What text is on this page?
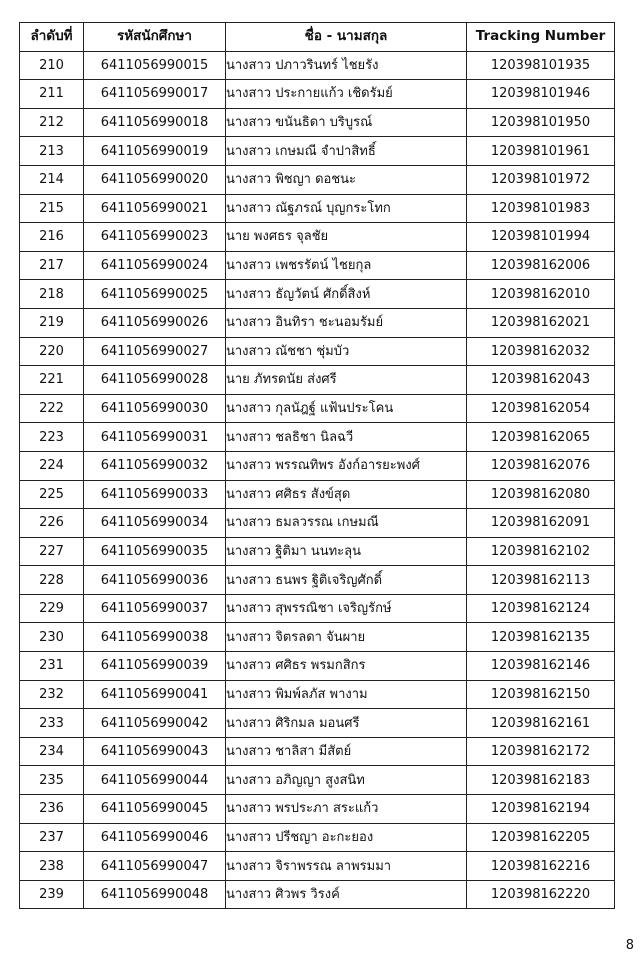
ลำดับที่	รหัสนักศึกษา	ชื่อ - นามสกุล	Tracking Number
210	6411056990015	นางสาว ปภาวรินทร์ ไชยรัง	120398101935
211	6411056990017	นางสาว ประกายแก้ว เชิดรัมย์	120398101946
212	6411056990018	นางสาว ขนันธิดา บริบูรณ์	120398101950
213	6411056990019	นางสาว เกษมณี จำปาสิทธิ์	120398101961
214	6411056990020	นางสาว พิชญา ดอชนะ	120398101972
215	6411056990021	นางสาว ณัฐภรณ์ บุญกระโทก	120398101983
216	6411056990023	นาย พงศธร จุลชัย	120398101994
217	6411056990024	นางสาว เพชรรัตน์ ไชยกุล	120398162006
218	6411056990025	นางสาว ธัญวัตน์ ศักดิ์สิงห์	120398162010
219	6411056990026	นางสาว อินทิรา ชะนอมรัมย์	120398162021
220	6411056990027	นางสาว ณัชชา ชุ่มบัว	120398162032
221	6411056990028	นาย ภัทรดนัย ส่งศรี	120398162043
222	6411056990030	นางสาว กุลนัฎฐ์ แฟ้นประโคน	120398162054
223	6411056990031	นางสาว ชลธิชา นิลฉวี	120398162065
224	6411056990032	นางสาว พรรณทิพร อังก์อารยะพงศ์	120398162076
225	6411056990033	นางสาว ศศิธร สังข์สุด	120398162080
226	6411056990034	นางสาว ธมลวรรณ เกษมณี	120398162091
227	6411056990035	นางสาว ฐิติมา นนทะลุน	120398162102
228	6411056990036	นางสาว ธนพร ฐิติเจริญศักดิ์	120398162113
229	6411056990037	นางสาว สุพรรณิชา เจริญรักษ์	120398162124
230	6411056990038	นางสาว จิตรลดา จันผาย	120398162135
231	6411056990039	นางสาว ศศิธร พรมกสิกร	120398162146
232	6411056990041	นางสาว พิมพ์ลภัส พางาม	120398162150
233	6411056990042	นางสาว ศิริกมล มอนศรี	120398162161
234	6411056990043	นางสาว ชาลิสา มีสัตย์	120398162172
235	6411056990044	นางสาว อภิญญา สูงสนิท	120398162183
236	6411056990045	นางสาว พรประภา สระแก้ว	120398162194
237	6411056990046	นางสาว ปรีชญา อะกะยอง	120398162205
238	6411056990047	นางสาว จิราพรรณ ลาพรมมา	120398162216
239	6411056990048	นางสาว ศิวพร วิรงค์	120398162220
8
